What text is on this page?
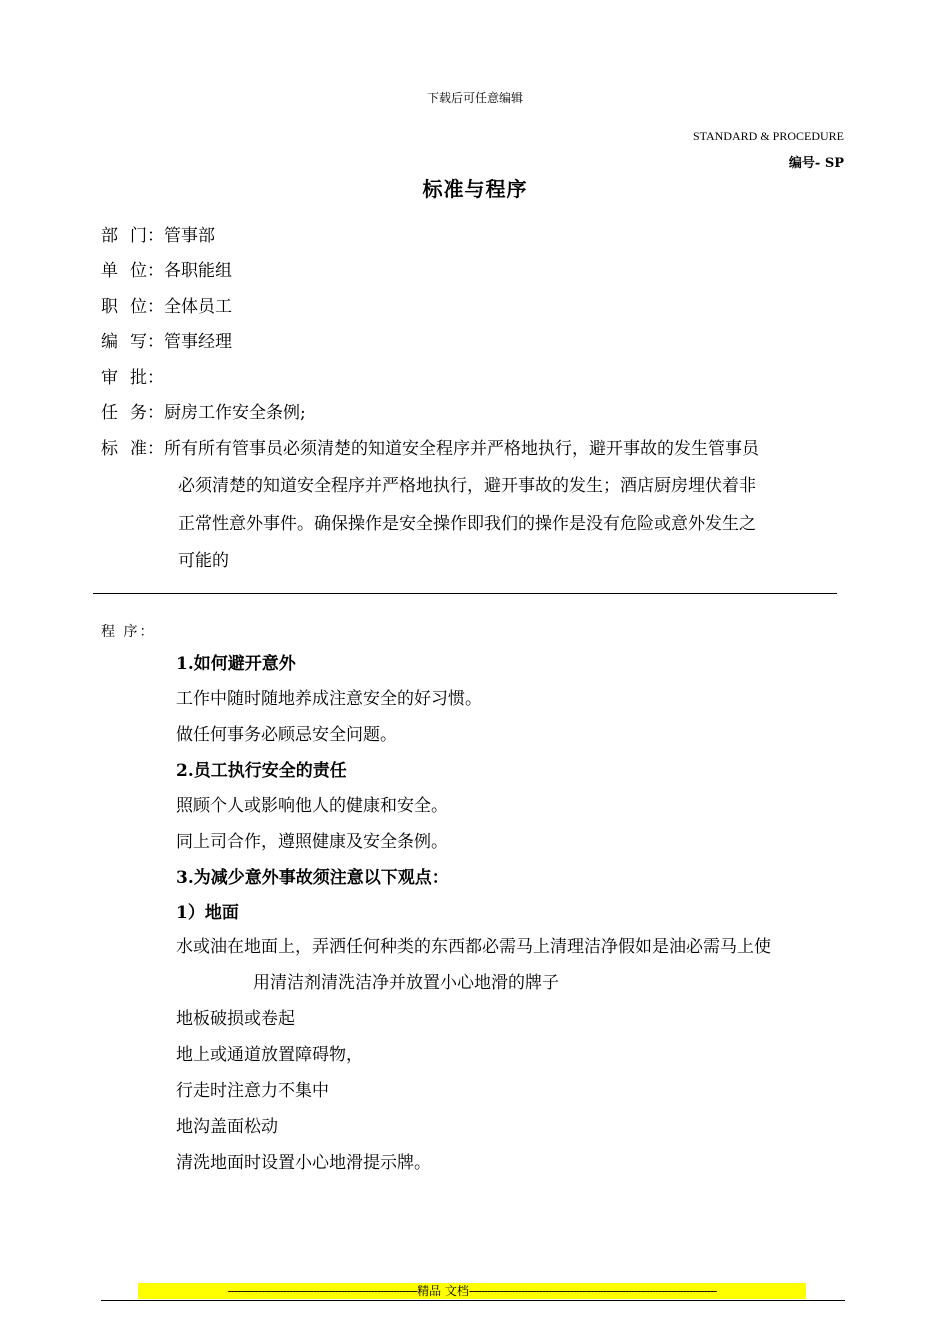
下载后可任意编辑
STANDARD & PROCEDURE
编号- SP
标准与程序
部门：管事部
单位：各职能组
职位：全体员工
编写：管事经理
审批：
任务：厨房工作安全条例;
标准：所有所有管事员必须清楚的知道安全程序并严格地执行，避开事故的发生管事员
必须清楚的知道安全程序并严格地执行，避开事故的发生；酒店厨房埋伏着非
正常性意外事件。确保操作是安全操作即我们的操作是没有危险或意外发生之
可能的
程 序：
1.如何避开意外
工作中随时随地养成注意安全的好习惯。
做任何事务必顾忌安全问题。
2.员工执行安全的责任
照顾个人或影响他人的健康和安全。
同上司合作，遵照健康及安全条例。
3.为减少意外事故须注意以下观点：
1）地面
水或油在地面上，弄洒任何种类的东西都必需马上清理洁净假如是油必需马上使
用清洁剂清洗洁净并放置小心地滑的牌子
地板破损或卷起
地上或通道放置障碍物，
行走时注意力不集中
地沟盖面松动
清洗地面时设置小心地滑提示牌。
--------------------------------------------------------------精品 文档---------------------------------------------------------------------------------
